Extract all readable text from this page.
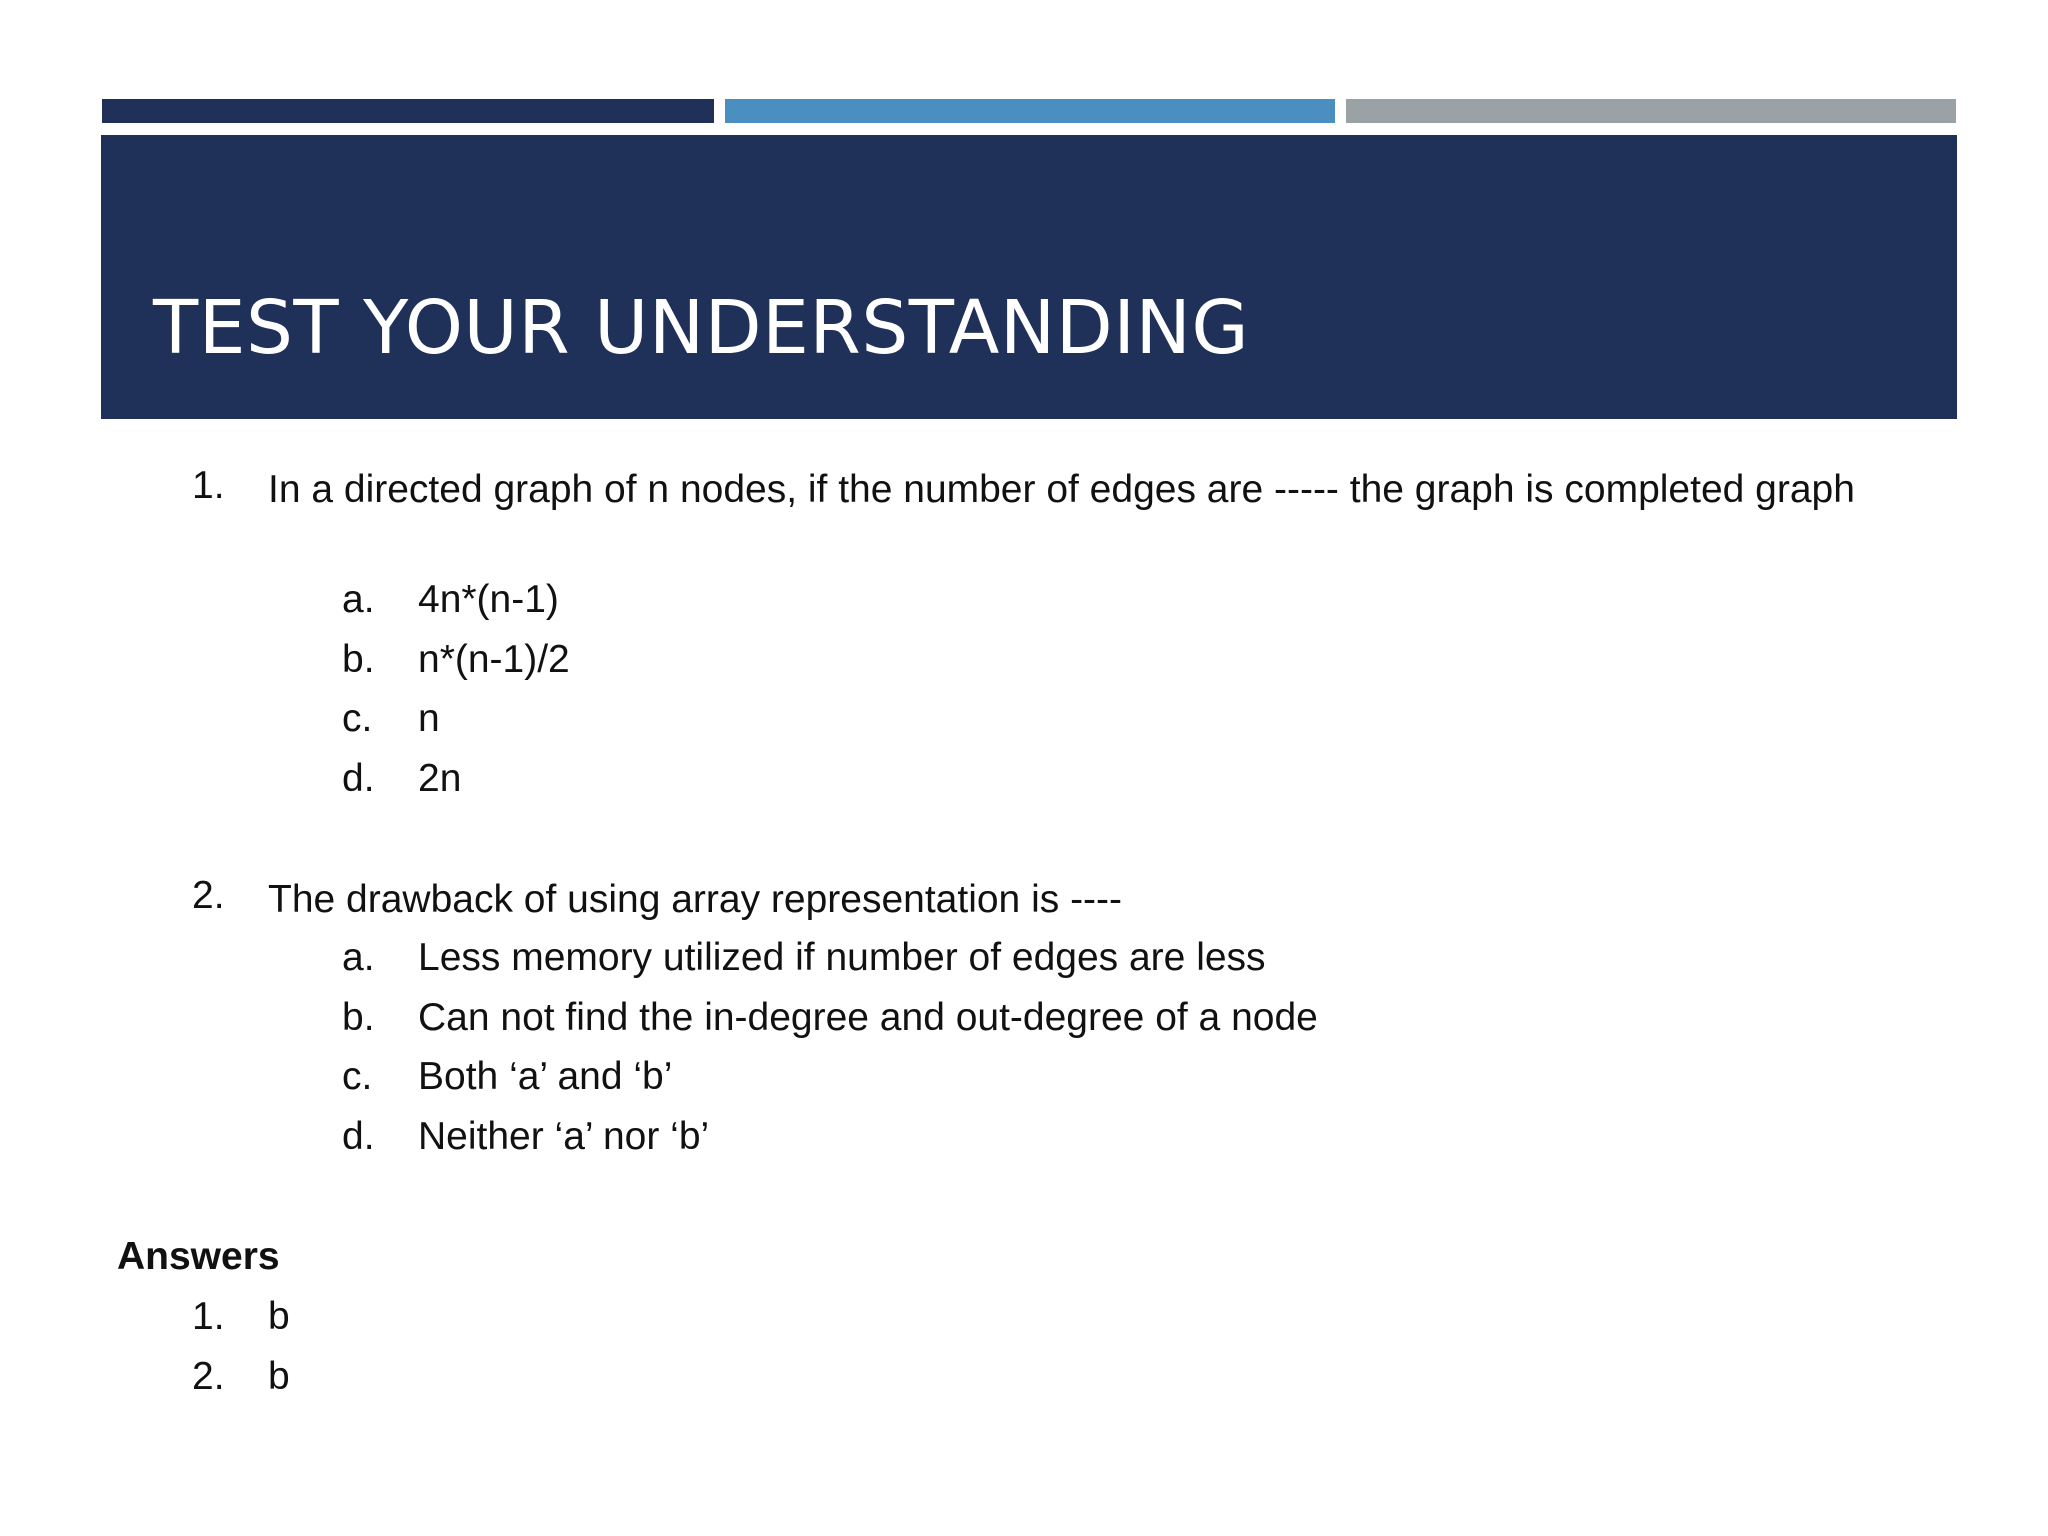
TEST YOUR UNDERSTANDING
1. In a directed graph of n nodes, if the number of edges are ----- the graph is completed graph
a. 4n*(n-1)
b. n*(n-1)/2
c. n
d. 2n
2. The drawback of using array representation is ----
a. Less memory utilized if number of edges are less
b. Can not find the in-degree and out-degree of a node
c. Both ‘a’ and ‘b’
d. Neither ‘a’ nor ‘b’
Answers
1. b
2. b
